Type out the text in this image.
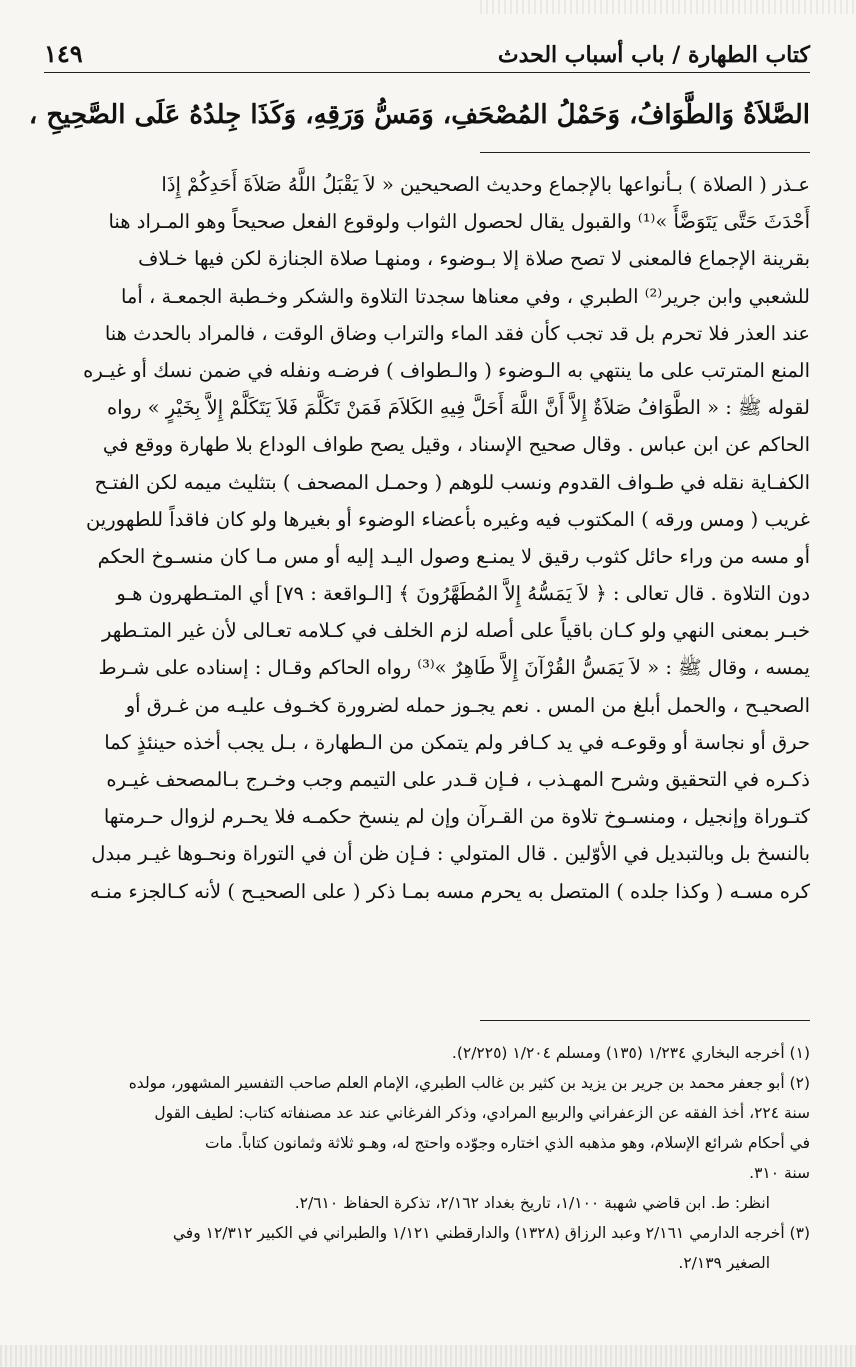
كتاب الطهارة / باب أسباب الحدث
١٤٩
الصَّلاَةُ وَالطَّوَافُ، وَحَمْلُ المُصْحَفِ، وَمَسُّ وَرَقِهِ، وَكَذَا جِلدُهُ عَلَى الصَّحِيحِ ،
عـذر ( الصلاة ) بـأنواعها بالإجماع وحديث الصحيحين « لاَ يَقْبَلُ اللَّهُ صَلاَةَ أَحَدِكُمْ إِذَا
أَحْدَثَ حَتَّى يَتَوَضَّأَ »⁽¹⁾ والقبول يقال لحصول الثواب ولوقوع الفعل صحيحاً وهو المـراد هنا
بقرينة الإجماع فالمعنى لا تصح صلاة إلا بـوضوء ، ومنهـا صلاة الجنازة لكن فيها خـلاف
للشعبي وابن جرير⁽²⁾ الطبري ، وفي معناها سجدتا التلاوة والشكر وخـطبة الجمعـة ، أما
عند العذر فلا تحرم بل قد تجب كأن فقد الماء والتراب وضاق الوقت ، فالمراد بالحدث هنا
المنع المترتب على ما ينتهي به الـوضوء ( والـطواف ) فرضـه ونفله في ضمن نسك أو غيـره
لقوله ﷺ : « الطَّوَافُ صَلاَةٌ إِلاَّ أَنَّ اللَّهَ أَحَلَّ فِيهِ الكَلاَمَ فَمَنْ تَكَلَّمَ فَلاَ يَتَكَلَّمْ إِلاَّ بِخَيْرٍ » رواه
الحاكم عن ابن عباس . وقال صحيح الإسناد ، وقيل يصح طواف الوداع بلا طهارة ووقع في
الكفـاية نقله في طـواف القدوم ونسب للوهم ( وحمـل المصحف ) بتثليث ميمه لكن الفتـح
غريب ( ومس ورقه ) المكتوب فيه وغيره بأعضاء الوضوء أو بغيرها ولو كان فاقداً للطهورين
أو مسه من وراء حائل كثوب رقيق لا يمنـع وصول اليـد إليه أو مس مـا كان منسـوخ الحكم
دون التلاوة . قال تعالى : ﴿ لاَ يَمَسُّهُ إِلاَّ المُطَهَّرُونَ ﴾ [الـواقعة : ٧٩] أي المتـطهرون هـو
خبـر بمعنى النهي ولو كـان باقياً على أصله لزم الخلف في كـلامه تعـالى لأن غير المتـطهر
يمسه ، وقال ﷺ : « لاَ يَمَسُّ القُرْآنَ إِلاَّ طَاهِرٌ »⁽³⁾ رواه الحاكم وقـال : إسناده على شـرط
الصحيـح ، والحمل أبلغ من المس . نعم يجـوز حمله لضرورة كخـوف عليـه من غـرق أو
حرق أو نجاسة أو وقوعـه في يد كـافر ولم يتمكن من الـطهارة ، بـل يجب أخذه حينئذٍ كما
ذكـره في التحقيق وشرح المهـذب ، فـإن قـدر على التيمم وجب وخـرج بـالمصحف غيـره
كتـوراة وإنجيل ، ومنسـوخ تلاوة من القـرآن وإن لم ينسخ حكمـه فلا يحـرم لزوال حـرمتها
بالنسخ بل وبالتبديل في الأوّلين . قال المتولي : فـإن ظن أن في التوراة ونحـوها غيـر مبدل
كره مسـه ( وكذا جلده ) المتصل به يحرم مسه بمـا ذكر ( على الصحيـح ) لأنه كـالجزء منـه
(١) أخرجه البخاري ١/٢٣٤ (١٣٥) ومسلم ١/٢٠٤ (٢/٢٢٥).
(٢) أبو جعفر محمد بن جرير بن يزيد بن كثير بن غالب الطبري، الإمام العلم صاحب التفسير المشهور، مولده
سنة ٢٢٤، أخذ الفقه عن الزعفراني والربيع المرادي، وذكر الفرغاني عند عد مصنفاته كتاب: لطيف القول
في أحكام شرائع الإسلام، وهو مذهبه الذي اختاره وجوّده واحتج له، وهـو ثلاثة وثمانون كتاباً. مات
سنة ٣١٠.
انظر: ط. ابن قاضي شهبة ١/١٠٠، تاريخ بغداد ٢/١٦٢، تذكرة الحفاظ ٢/٦١٠.
(٣) أخرجه الدارمي ٢/١٦١ وعبد الرزاق (١٣٢٨) والدارقطني ١/١٢١ والطبراني في الكبير ١٢/٣١٢ وفي
الصغير ٢/١٣٩.
